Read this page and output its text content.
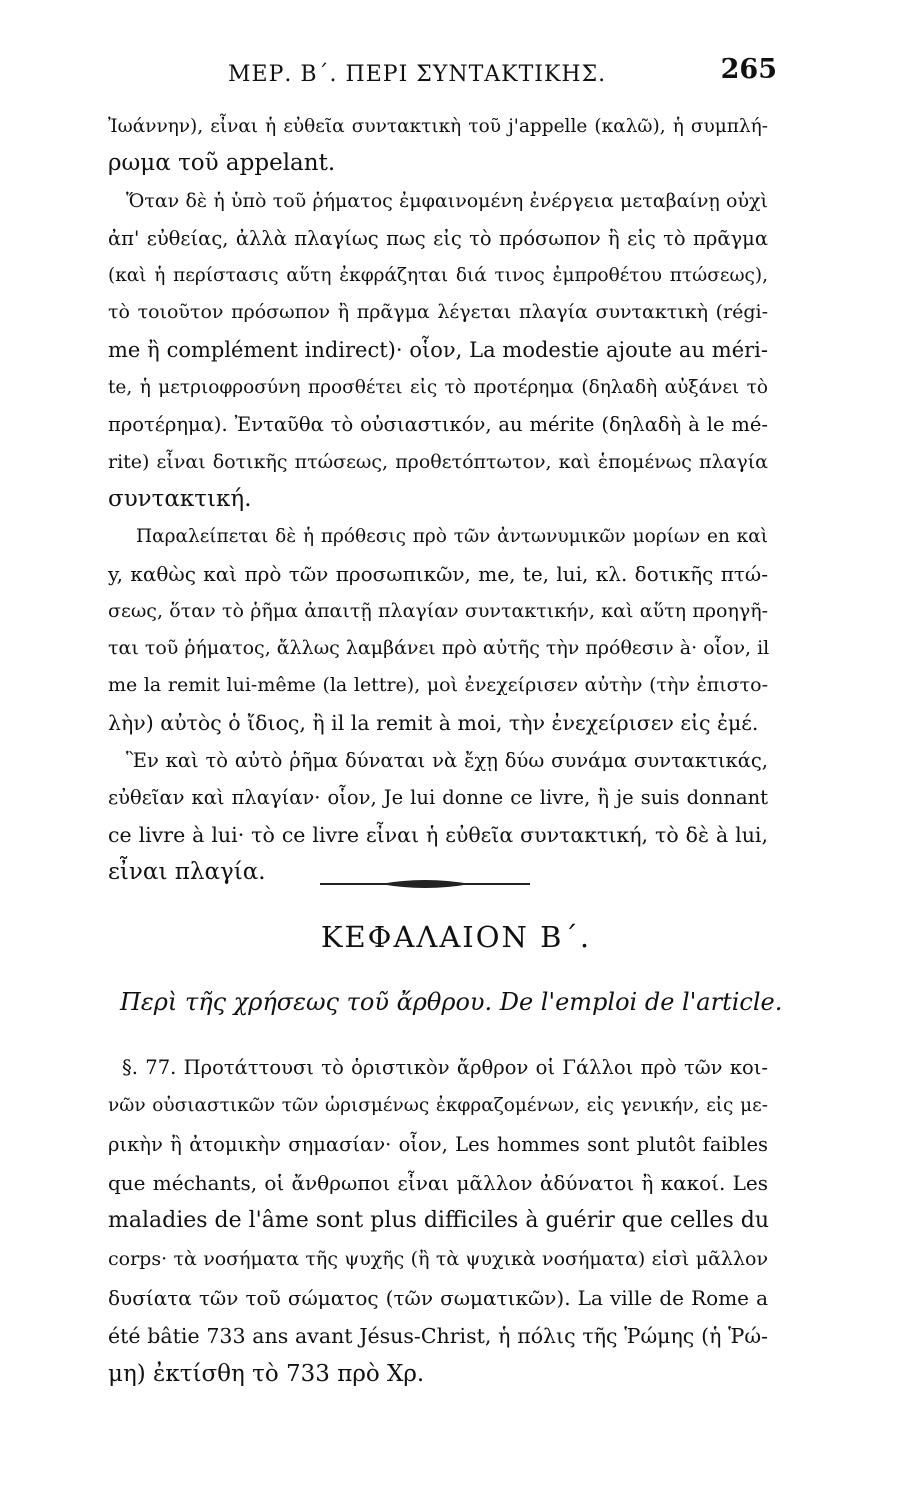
ΜΕΡ. Β΄. ΠΕΡΙ ΣΥΝΤΑΚΤΙΚΗΣ.	265
Ἰωάννην), εἶναι ἡ εὐθεῖα συντακτικὴ τοῦ j'appelle (καλῶ), ἡ συμπλή-
ρωμα τοῦ appelant.
Ὅταν δὲ ἡ ὑπὸ τοῦ ῥήματος ἐμφαινομένη ἐνέργεια μεταβαίνῃ οὐχὶ
ἀπ' εὐθείας, ἀλλὰ πλαγίως πως εἰς τὸ πρόσωπον ἢ εἰς τὸ πρᾶγμα
(καὶ ἡ περίστασις αὕτη ἐκφράζηται διά τινος ἐμπροθέτου πτώσεως),
τὸ τοιοῦτον πρόσωπον ἢ πρᾶγμα λέγεται πλαγία συντακτικὴ (régi-
me ἢ complément indirect)· οἷον, La modestie ajoute au méri-
te, ἡ μετριοφροσύνη προσθέτει εἰς τὸ προτέρημα (δηλαδὴ αὐξάνει τὸ
προτέρημα). Ἐνταῦθα τὸ οὐσιαστικόν, au mérite (δηλαδὴ à le mé-
rite) εἶναι δοτικῆς πτώσεως, προθετόπτωτον, καὶ ἑπομένως πλαγία
συντακτική.
Παραλείπεται δὲ ἡ πρόθεσις πρὸ τῶν ἀντωνυμικῶν μορίων en καὶ
y, καθὼς καὶ πρὸ τῶν προσωπικῶν, me, te, lui, κλ. δοτικῆς πτώ-
σεως, ὅταν τὸ ῥῆμα ἀπαιτῇ πλαγίαν συντακτικήν, καὶ αὕτη προηγῆ-
ται τοῦ ῥήματος, ἄλλως λαμβάνει πρὸ αὐτῆς τὴν πρόθεσιν à· οἷον, il
me la remit lui-même (la lettre), μοὶ ἐνεχείρισεν αὐτὴν (τὴν ἐπιστο-
λὴν) αὐτὸς ὁ ἴδιος, ἢ il la remit à moi, τὴν ἐνεχείρισεν εἰς ἐμέ.
Ἓν καὶ τὸ αὐτὸ ῥῆμα δύναται νὰ ἔχῃ δύω συνάμα συντακτικάς,
εὐθεῖαν καὶ πλαγίαν· οἷον, Je lui donne ce livre, ἢ je suis donnant
ce livre à lui· τὸ ce livre εἶναι ἡ εὐθεῖα συντακτική, τὸ δὲ à lui,
εἶναι πλαγία.
ΚΕΦΑΛΑΙΟΝ Β΄.
Περὶ τῆς χρήσεως τοῦ ἄρθρου. De l'emploi de l'article.
§. 77. Προτάττουσι τὸ ὁριστικὸν ἄρθρον οἱ Γάλλοι πρὸ τῶν κοι-
νῶν οὐσιαστικῶν τῶν ὡρισμένως ἐκφραζομένων, εἰς γενικήν, εἰς με-
ρικὴν ἢ ἀτομικὴν σημασίαν· οἷον, Les hommes sont plutôt faibles
que méchants, οἱ ἄνθρωποι εἶναι μᾶλλον ἀδύνατοι ἢ κακοί. Les
maladies de l'âme sont plus difficiles à guérir que celles du
corps· τὰ νοσήματα τῆς ψυχῆς (ἢ τὰ ψυχικὰ νοσήματα) εἰσὶ μᾶλλον
δυσίατα τῶν τοῦ σώματος (τῶν σωματικῶν). La ville de Rome a
été bâtie 733 ans avant Jésus-Christ, ἡ πόλις τῆς Ῥώμης (ἡ Ῥώ-
μη) ἐκτίσθη τὸ 733 πρὸ Χρ.
